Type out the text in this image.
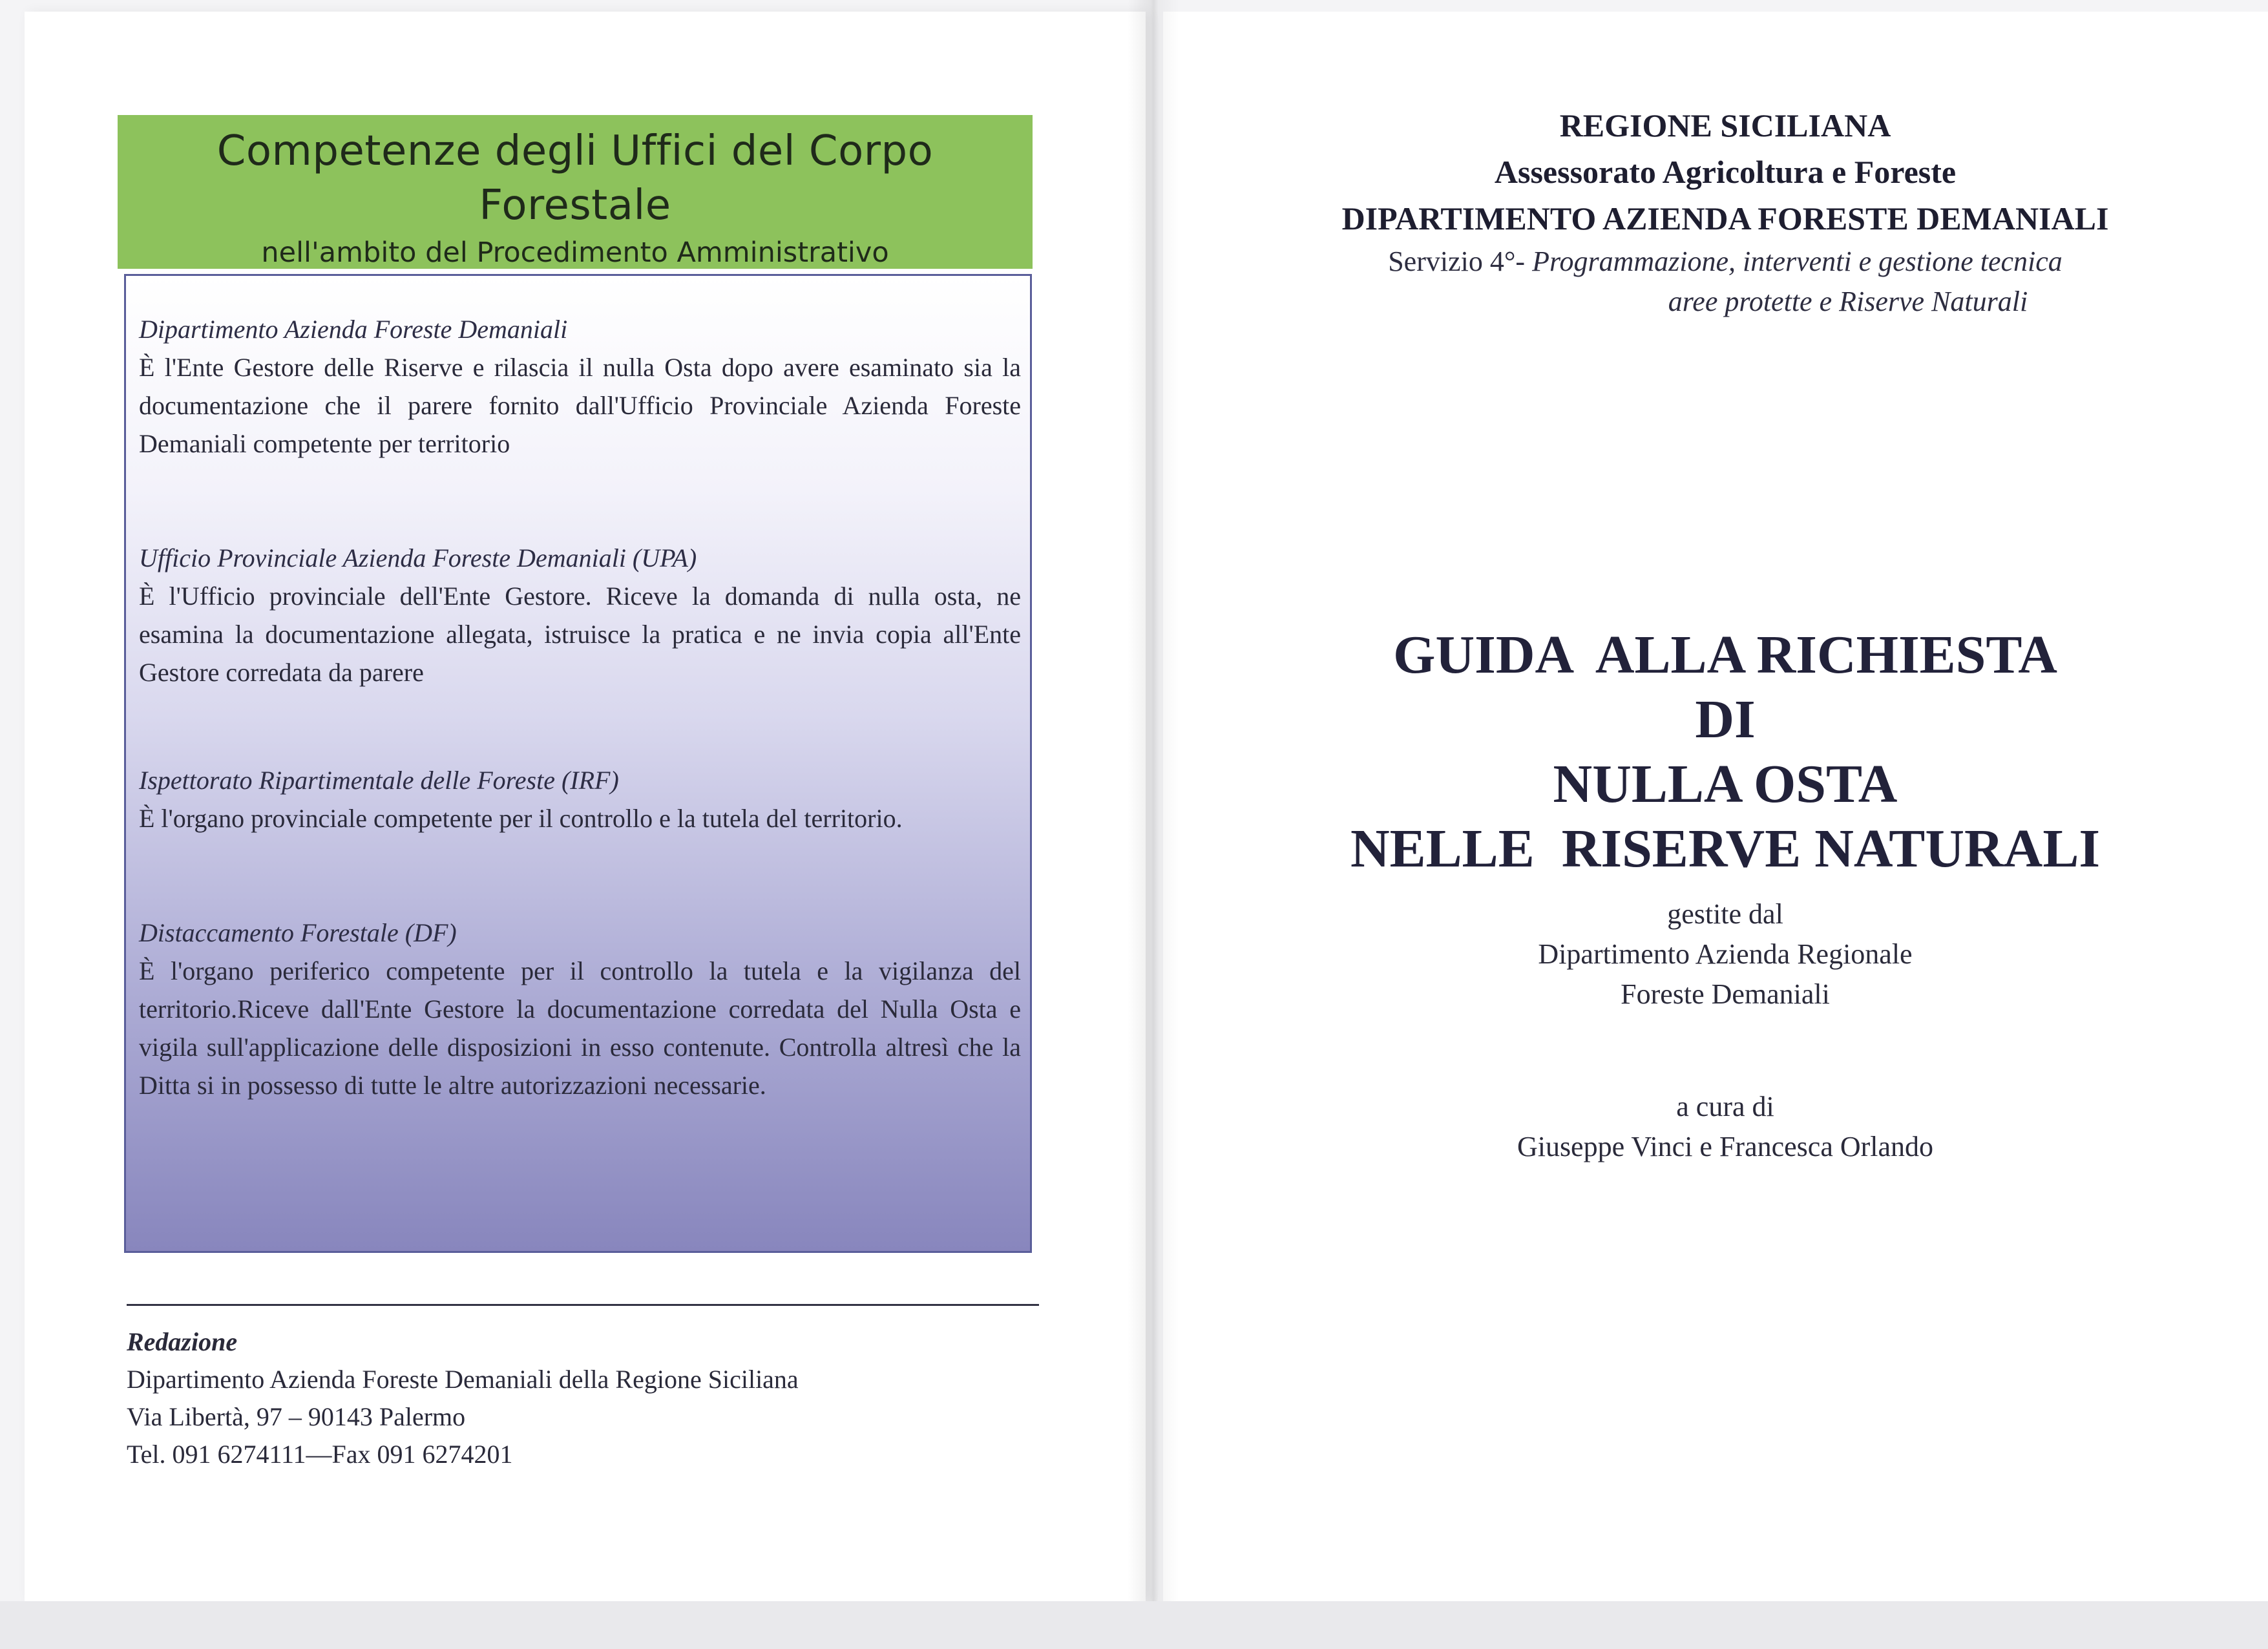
Competenze degli Uffici del Corpo Forestale
nell'ambito del Procedimento Amministrativo
Dipartimento Azienda Foreste Demaniali
È l'Ente Gestore delle Riserve e rilascia il nulla Osta dopo avere esaminato sia la documentazione che il parere fornito dall'Ufficio Provinciale Azienda Foreste Demaniali competente per territorio
Ufficio Provinciale Azienda Foreste Demaniali (UPA)
È l'Ufficio provinciale dell'Ente Gestore. Riceve la domanda di nulla osta, ne esamina la documentazione allegata, istruisce la pratica e ne invia copia all'Ente Gestore corredata da parere
Ispettorato Ripartimentale delle Foreste (IRF)
È l'organo provinciale competente per il controllo e la tutela del territorio.
Distaccamento Forestale (DF)
È l'organo periferico competente per il controllo la tutela e la vigilanza del territorio.Riceve dall'Ente Gestore la documentazione corredata del Nulla Osta e vigila sull'applicazione delle disposizioni in esso contenute. Controlla altresì che la Ditta si in possesso di tutte le altre autorizzazioni necessarie.
Redazione
Dipartimento Azienda Foreste Demaniali della Regione Siciliana
Via Libertà, 97 – 90143 Palermo
Tel. 091 6274111—Fax 091 6274201
REGIONE SICILIANA
Assessorato Agricoltura e Foreste
DIPARTIMENTO AZIENDA FORESTE DEMANIALI
Servizio 4°- Programmazione, interventi e gestione tecnica
aree protette e Riserve Naturali
GUIDA  ALLA RICHIESTA
DI
NULLA OSTA
NELLE  RISERVE NATURALI
gestite dal
Dipartimento Azienda Regionale
Foreste Demaniali
a cura di
Giuseppe Vinci e Francesca Orlando
